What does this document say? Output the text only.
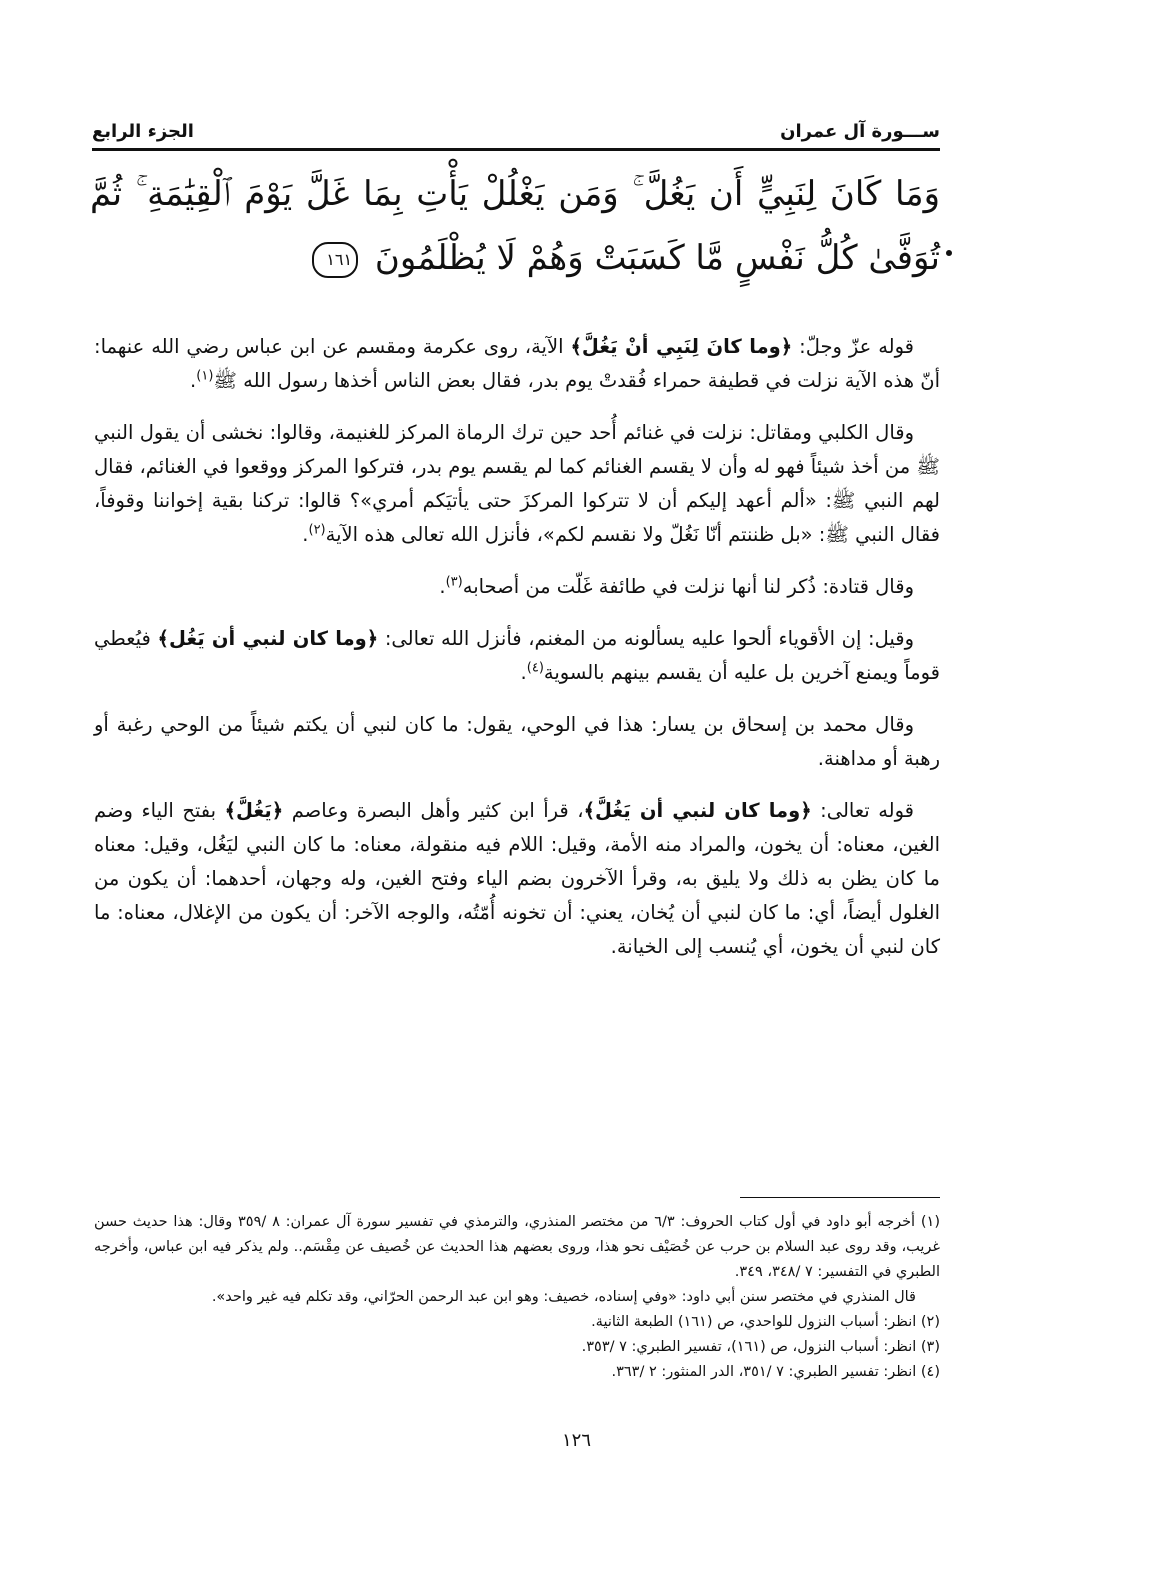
ســـورة آل عمران
الجزء الرابع
وَمَا كَانَ لِنَبِيٍّ أَن يَغُلَّ ۚ وَمَن يَغْلُلْ يَأْتِ بِمَا غَلَّ يَوْمَ ٱلْقِيَٰمَةِ ۚ ثُمَّ تُوَفَّىٰ كُلُّ نَفْسٍ مَّا كَسَبَتْ وَهُمْ لَا يُظْلَمُونَ ١٦١

قوله عزّ وجلّ: ﴿وما كانَ لِنَبِي أنْ يَغُلَّ﴾ الآية، روى عكرمة ومقسم عن ابن عباس رضي الله عنهما: أنّ هذه الآية نزلت في قطيفة حمراء فُقدتْ يوم بدر، فقال بعض الناس أخذها رسول الله ﷺ$^{(١)}$.

وقال الكلبي ومقاتل: نزلت في غنائم أُحد حين ترك الرماة المركز للغنيمة، وقالوا: نخشى أن يقول النبي ﷺ من أخذ شيئاً فهو له وأن لا يقسم الغنائم كما لم يقسم يوم بدر، فتركوا المركز ووقعوا في الغنائم، فقال لهم النبي ﷺ: «ألم أعهد إليكم أن لا تتركوا المركزَ حتى يأتيَكم أمري»؟ قالوا: تركنا بقية إخواننا وقوفاً، فقال النبي ﷺ: «بل ظننتم أنّا نَغُلّ ولا نقسم لكم»، فأنزل الله تعالى هذه الآية$^{(٢)}$.

وقال قتادة: ذُكر لنا أنها نزلت في طائفة غَلّت من أصحابه$^{(٣)}$.

وقيل: إن الأقوياء ألحوا عليه يسألونه من المغنم، فأنزل الله تعالى: ﴿وما كان لنبي أن يَغُل﴾ فيُعطي قوماً ويمنع آخرين بل عليه أن يقسم بينهم بالسوية$^{(٤)}$.

وقال محمد بن إسحاق بن يسار: هذا في الوحي، يقول: ما كان لنبي أن يكتم شيئاً من الوحي رغبة أو رهبة أو مداهنة.

قوله تعالى: ﴿وما كان لنبي أن يَغُلَّ﴾، قرأ ابن كثير وأهل البصرة وعاصم ﴿يَغُلَّ﴾ بفتح الياء وضم الغين، معناه: أن يخون، والمراد منه الأمة، وقيل: اللام فيه منقولة، معناه: ما كان النبي ليَغُل، وقيل: معناه ما كان يظن به ذلك ولا يليق به، وقرأ الآخرون بضم الياء وفتح الغين، وله وجهان، أحدهما: أن يكون من الغلول أيضاً، أي: ما كان لنبي أن يُخان، يعني: أن تخونه أُمّتُه، والوجه الآخر: أن يكون من الإغلال، معناه: ما كان لنبي أن يخون، أي يُنسب إلى الخيانة.

(١) أخرجه أبو داود في أول كتاب الحروف: ٦/٣ من مختصر المنذري، والترمذي في تفسير سورة آل عمران: ٨ /٣٥٩ وقال: هذا حديث حسن غريب، وقد روى عبد السلام بن حرب عن خُصَيْف نحو هذا، وروى بعضهم هذا الحديث عن خُصيف عن مِقْسَم.. ولم يذكر فيه ابن عباس، وأخرجه الطبري في التفسير: ٧ /٣٤٨، ٣٤٩.

قال المنذري في مختصر سنن أبي داود: «وفي إسناده، خصيف: وهو ابن عبد الرحمن الحرّاني، وقد تكلم فيه غير واحد».

(٢) انظر: أسباب النزول للواحدي، ص (١٦١) الطبعة الثانية.

(٣) انظر: أسباب النزول، ص (١٦١)، تفسير الطبري: ٧ /٣٥٣.

(٤) انظر: تفسير الطبري: ٧ /٣٥١، الدر المنثور: ٢ /٣٦٣.

١٢٦
